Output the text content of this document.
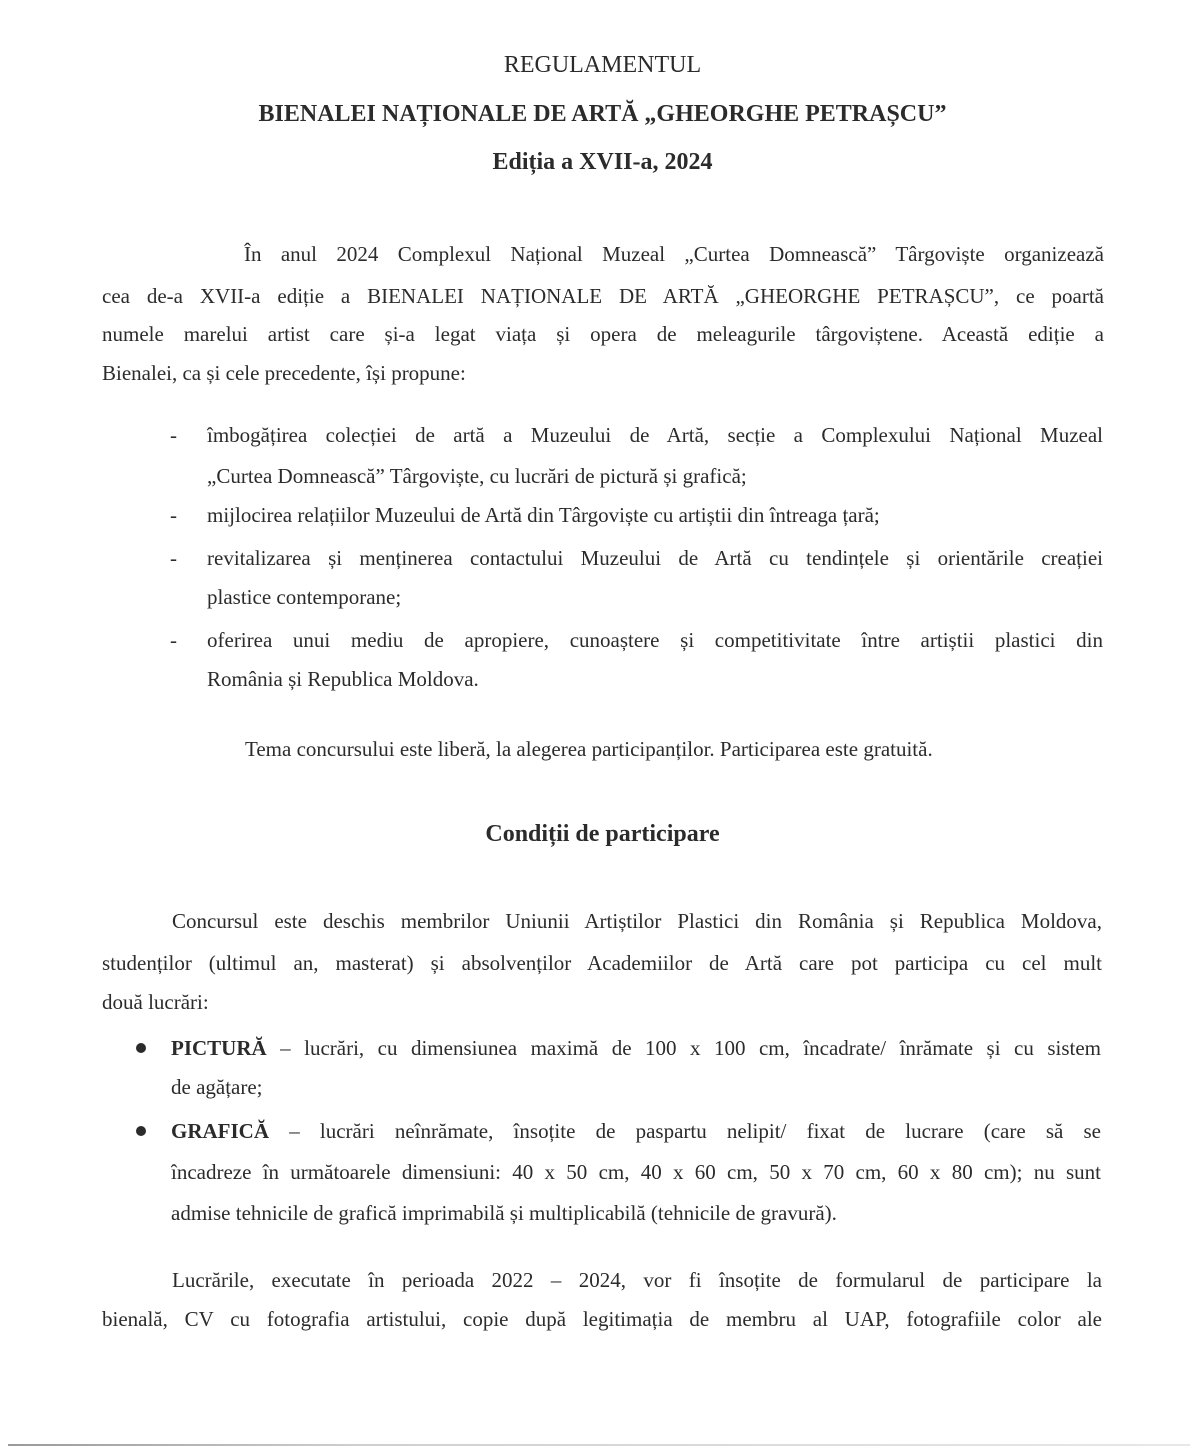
REGULAMENTUL
BIENALEI NAȚIONALE DE ARTĂ „GHEORGHE PETRAȘCU”
Ediția a XVII-a, 2024
În anul 2024 Complexul Național Muzeal „Curtea Domnească” Târgoviște organizează
cea de-a XVII-a ediție a BIENALEI NAȚIONALE DE ARTĂ „GHEORGHE PETRAȘCU”, ce poartă
numele marelui artist care și-a legat viața și opera de meleagurile târgoviștene. Această ediție a
Bienalei, ca și cele precedente, își propune:
- îmbogățirea colecției de artă a Muzeului de Artă, secție a Complexului Național Muzeal
„Curtea Domnească” Târgoviște, cu lucrări de pictură și grafică;
- mijlocirea relațiilor Muzeului de Artă din Târgoviște cu artiștii din întreaga țară;
- revitalizarea și menținerea contactului Muzeului de Artă cu tendințele și orientările creației
plastice contemporane;
- oferirea unui mediu de apropiere, cunoaștere și competitivitate între artiștii plastici din
România și Republica Moldova.
Tema concursului este liberă, la alegerea participanților. Participarea este gratuită.
Condiții de participare
Concursul este deschis membrilor Uniunii Artiștilor Plastici din România și Republica Moldova,
studenților (ultimul an, masterat) și absolvenților Academiilor de Artă care pot participa cu cel mult
două lucrări:
PICTURĂ – lucrări, cu dimensiunea maximă de 100 x 100 cm, încadrate/ înrămate și cu sistem
de agățare;
GRAFICĂ – lucrări neînrămate, însoțite de paspartu nelipit/ fixat de lucrare (care să se
încadreze în următoarele dimensiuni: 40 x 50 cm, 40 x 60 cm, 50 x 70 cm, 60 x 80 cm); nu sunt
admise tehnicile de grafică imprimabilă și multiplicabilă (tehnicile de gravură).
Lucrările, executate în perioada 2022 – 2024, vor fi însoțite de formularul de participare la
bienală, CV cu fotografia artistului, copie după legitimația de membru al UAP, fotografiile color ale
